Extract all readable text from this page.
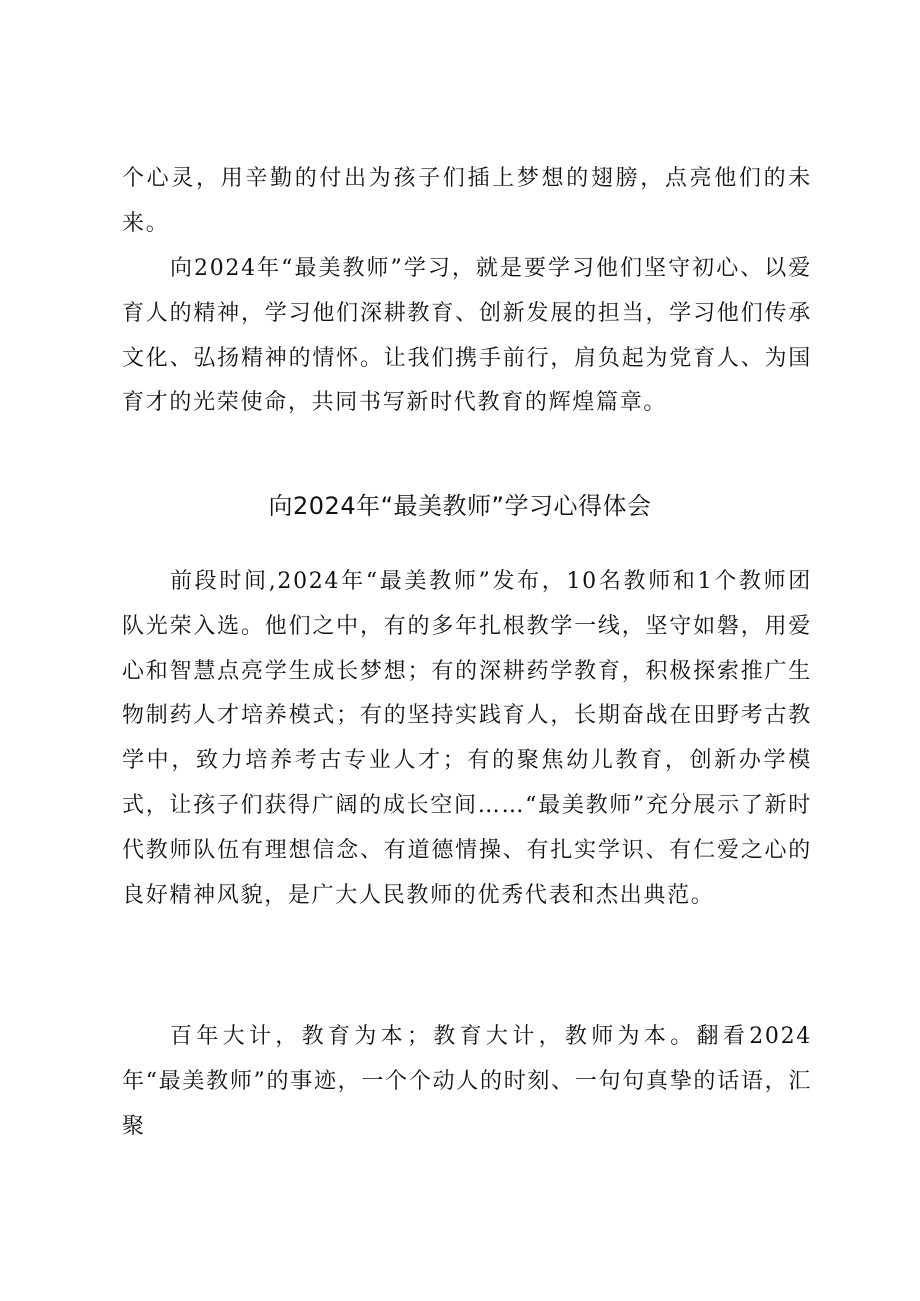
个心灵，用辛勤的付出为孩子们插上梦想的翅膀，点亮他们的未来。

向2024年“最美教师”学习，就是要学习他们坚守初心、以爱育人的精神，学习他们深耕教育、创新发展的担当，学习他们传承文化、弘扬精神的情怀。让我们携手前行，肩负起为党育人、为国育才的光荣使命，共同书写新时代教育的辉煌篇章。

向2024年“最美教师”学习心得体会

前段时间,2024年“最美教师”发布，10名教师和1个教师团队光荣入选。他们之中，有的多年扎根教学一线，坚守如磐，用爱心和智慧点亮学生成长梦想；有的深耕药学教育，积极探索推广生物制药人才培养模式；有的坚持实践育人，长期奋战在田野考古教学中，致力培养考古专业人才；有的聚焦幼儿教育，创新办学模式，让孩子们获得广阔的成长空间……“最美教师”充分展示了新时代教师队伍有理想信念、有道德情操、有扎实学识、有仁爱之心的良好精神风貌，是广大人民教师的优秀代表和杰出典范。

百年大计，教育为本；教育大计，教师为本。翻看2024年“最美教师”的事迹，一个个动人的时刻、一句句真挚的话语，汇聚
